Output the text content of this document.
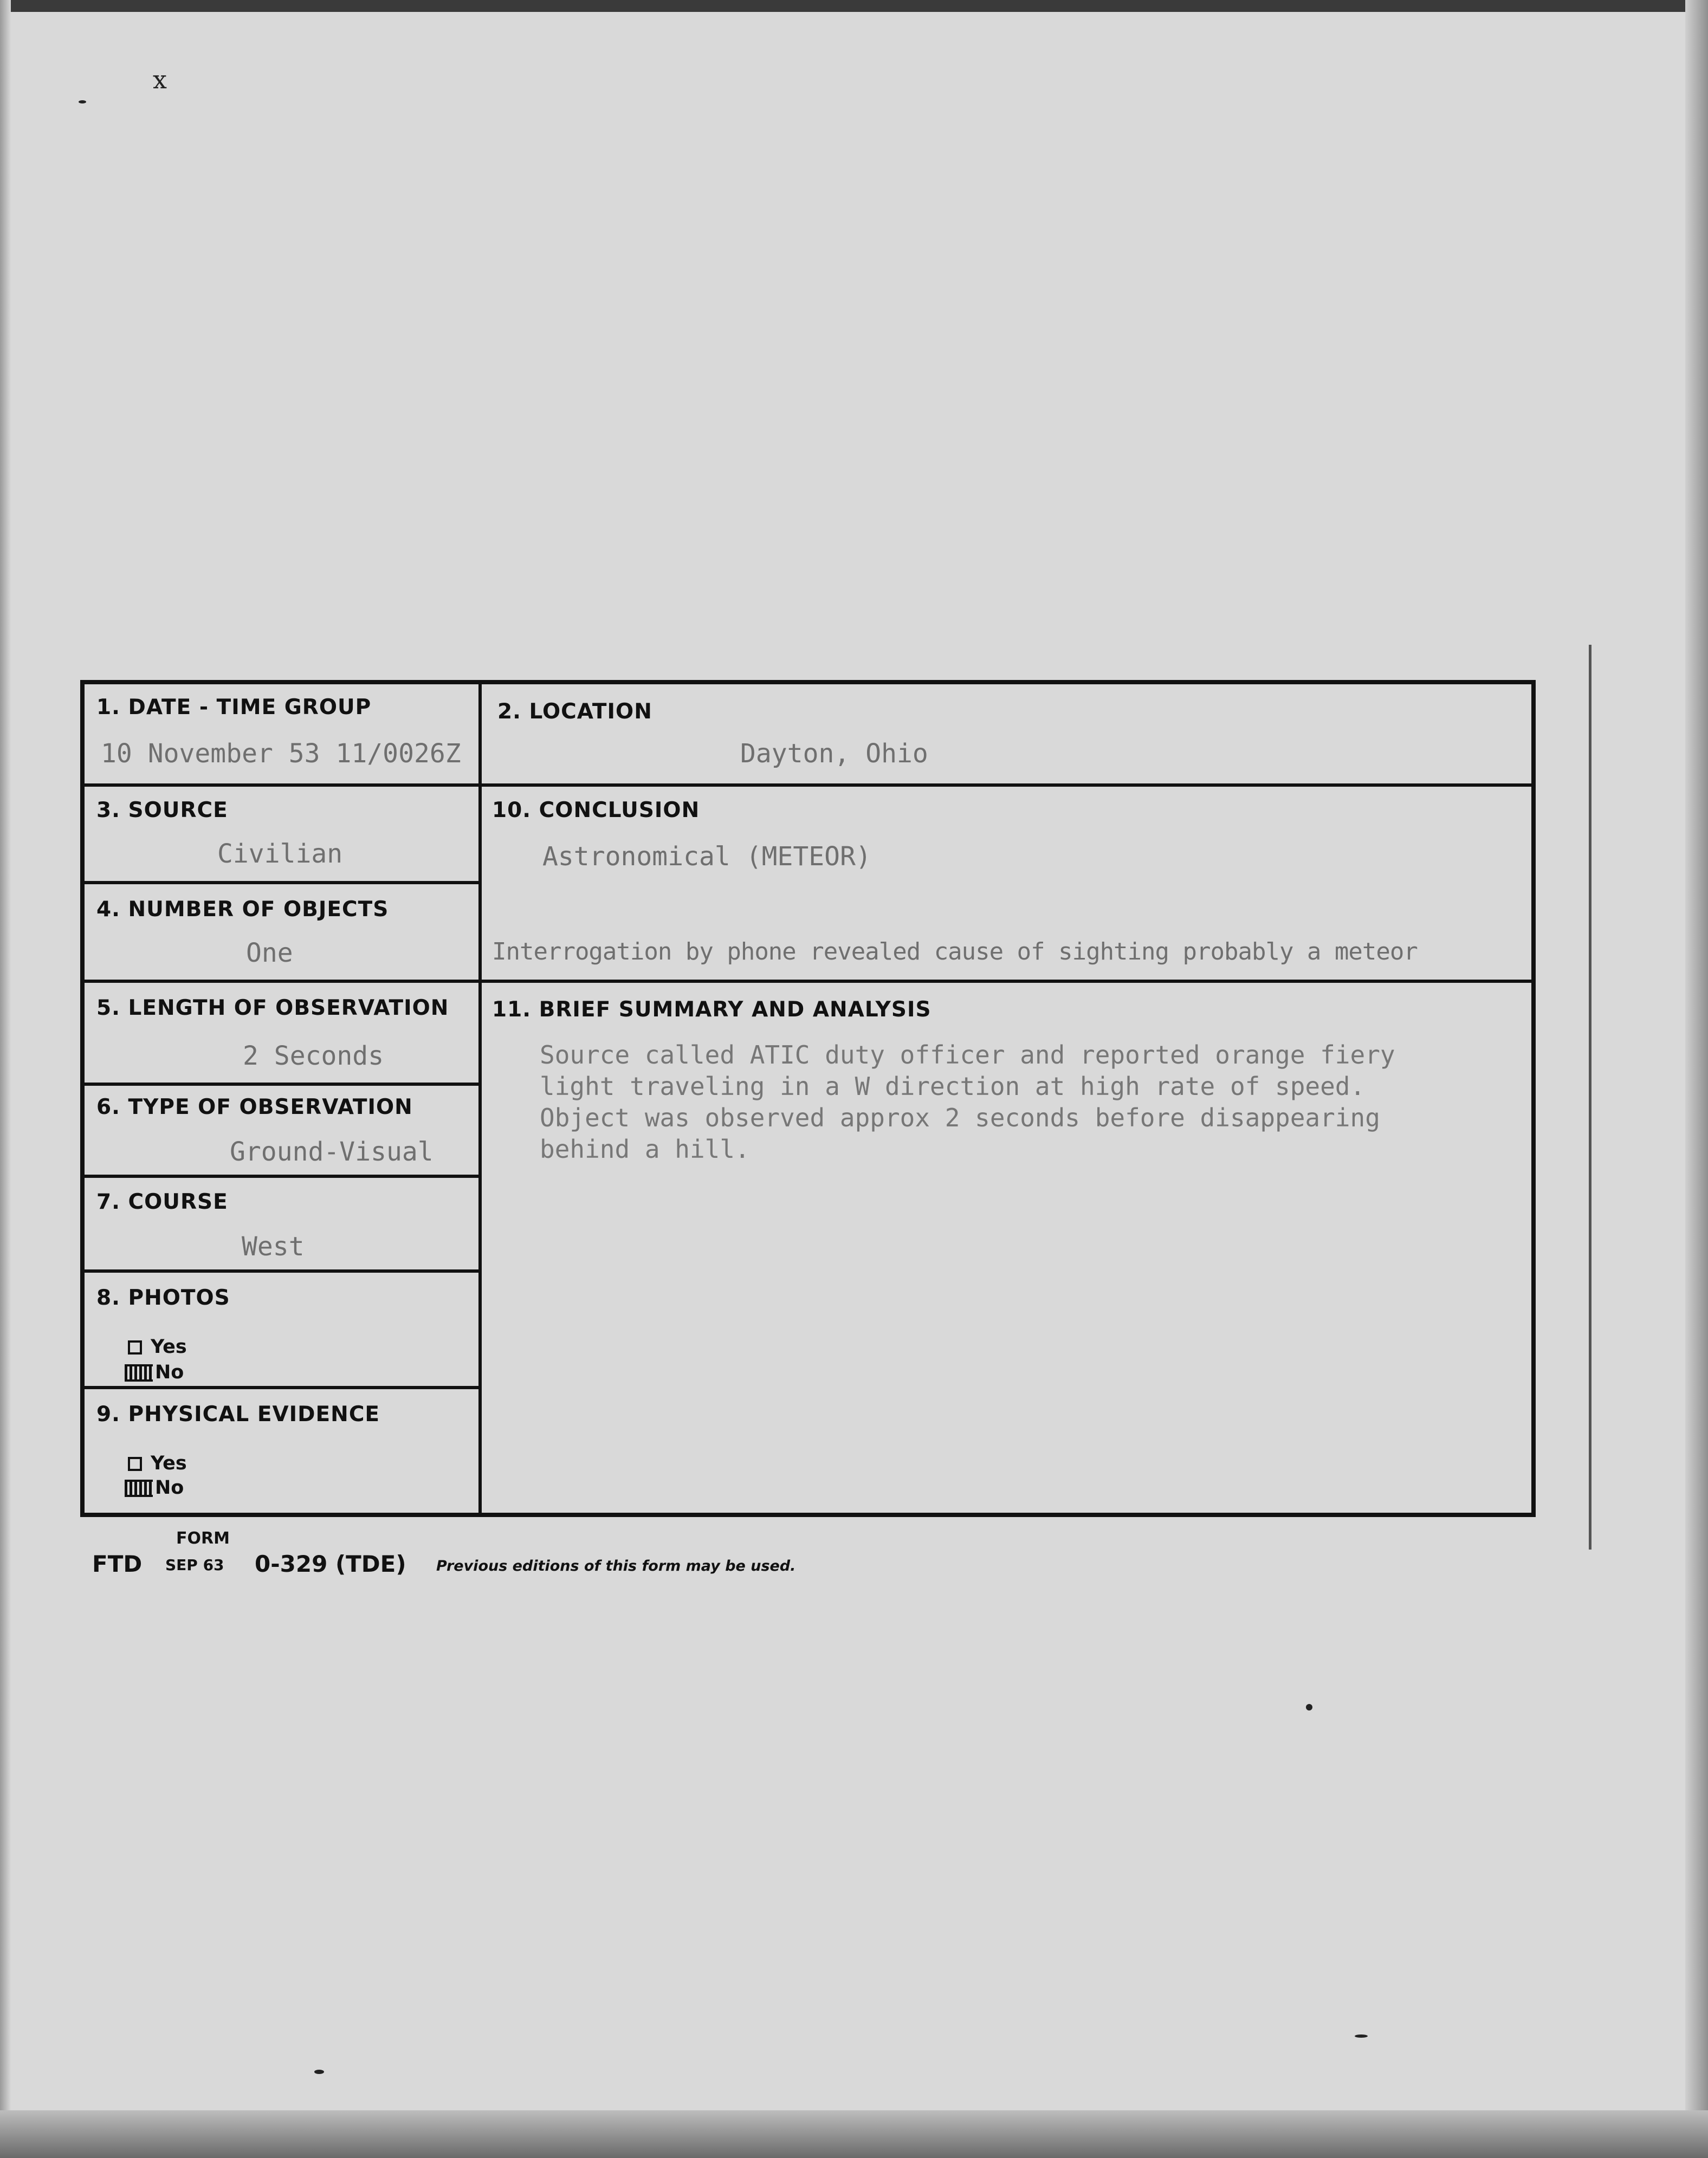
x
1. DATE - TIME GROUP
10 November 53 11/0026Z
2. LOCATION
Dayton, Ohio
3. SOURCE
Civilian
4. NUMBER OF OBJECTS
One
5. LENGTH OF OBSERVATION
2 Seconds
6. TYPE OF OBSERVATION
Ground-Visual
7. COURSE
West
8. PHOTOS
Yes
No
9. PHYSICAL EVIDENCE
Yes
No
10. CONCLUSION
Astronomical (METEOR)
Interrogation by phone revealed cause of sighting probably a meteor
11. BRIEF SUMMARY AND ANALYSIS
Source called ATIC duty officer and reported orange fiery
light traveling in a W direction at high rate of speed.
Object was observed approx 2 seconds before disappearing
behind a hill.
FORM
FTD SEP 63 0-329 (TDE) Previous editions of this form may be used.
